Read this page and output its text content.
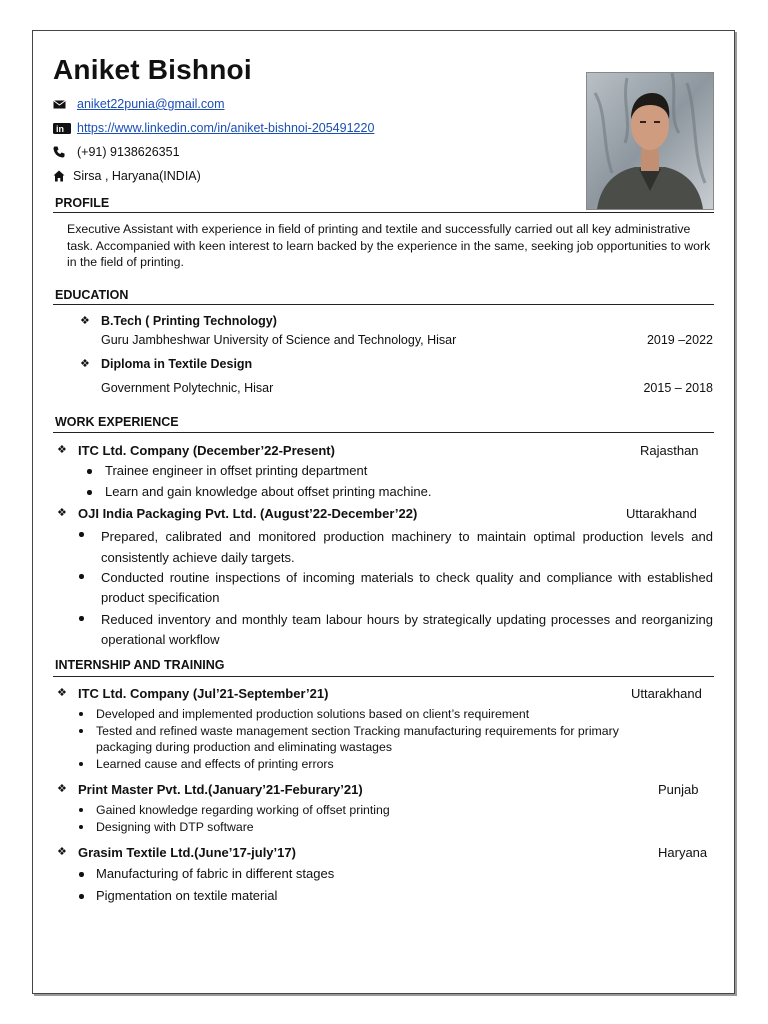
Aniket Bishnoi
aniket22punia@gmail.com
in https://www.linkedin.com/in/aniket-bishnoi-205491220
(+91) 9138626351
Sirsa , Haryana(INDIA)
PROFILE
Executive Assistant with experience in field of printing and textile and successfully carried out all key administrative task. Accompanied with keen interest to learn backed by the experience in the same, seeking job opportunities to work in the field of printing.
EDUCATION
❖ B.Tech ( Printing Technology)
Guru Jambheshwar University of Science and Technology, Hisar	2019 –2022
❖ Diploma in Textile Design
Government Polytechnic, Hisar	2015 – 2018
WORK EXPERIENCE
❖ ITC Ltd. Company (December’22-Present)	Rajasthan
Trainee engineer in offset printing department
Learn and gain knowledge about offset printing machine.
❖ OJI India Packaging Pvt. Ltd. (August’22-December’22)	Uttarakhand
Prepared, calibrated and monitored production machinery to maintain optimal production levels and consistently achieve daily targets.
Conducted routine inspections of incoming materials to check quality and compliance with established product specification
Reduced inventory and monthly team labour hours by strategically updating processes and reorganizing operational workflow
INTERNSHIP AND TRAINING
❖ ITC Ltd. Company (Jul’21-September’21)	Uttarakhand
Developed and implemented production solutions based on client’s requirement
Tested and refined waste management section Tracking manufacturing requirements for primary
packaging during production and eliminating wastages
Learned cause and effects of printing errors
❖ Print Master Pvt. Ltd.(January’21-Feburary’21)	Punjab
Gained knowledge regarding working of offset printing
Designing with DTP software
❖ Grasim Textile Ltd.(June’17-july’17)	Haryana
Manufacturing of fabric in different stages
Pigmentation on textile material
